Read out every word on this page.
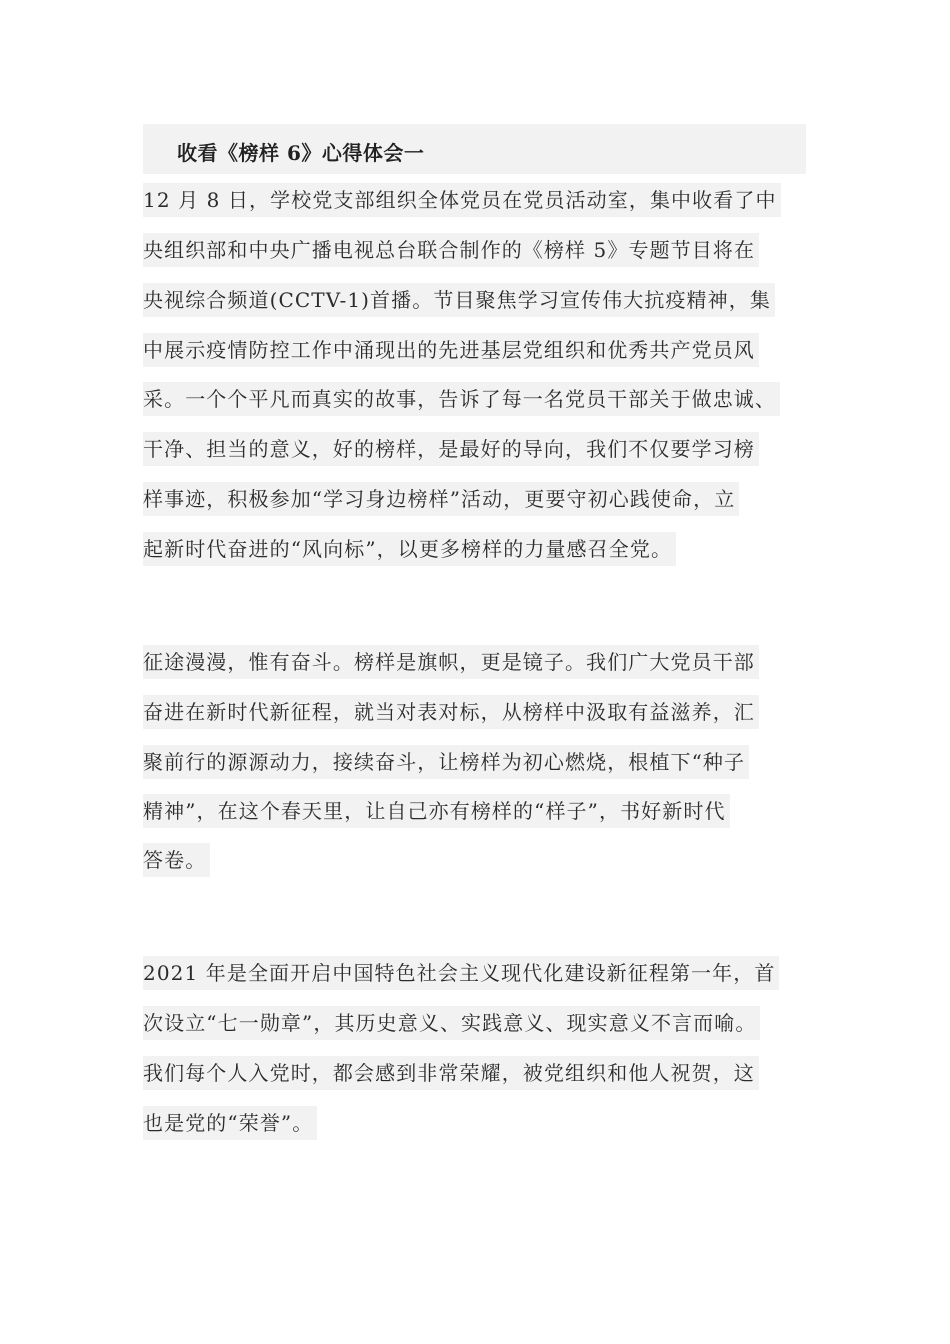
收看《榜样 6》心得体会一
12 月 8 日，学校党支部组织全体党员在党员活动室，集中收看了中
央组织部和中央广播电视总台联合制作的《榜样 5》专题节目将在
央视综合频道(CCTV-1)首播。节目聚焦学习宣传伟大抗疫精神，集
中展示疫情防控工作中涌现出的先进基层党组织和优秀共产党员风
采。一个个平凡而真实的故事，告诉了每一名党员干部关于做忠诚、
干净、担当的意义，好的榜样，是最好的导向，我们不仅要学习榜
样事迹，积极参加“学习身边榜样”活动，更要守初心践使命，立
起新时代奋进的“风向标”，以更多榜样的力量感召全党。
征途漫漫，惟有奋斗。榜样是旗帜，更是镜子。我们广大党员干部
奋进在新时代新征程，就当对表对标，从榜样中汲取有益滋养，汇
聚前行的源源动力，接续奋斗，让榜样为初心燃烧，根植下“种子
精神”，在这个春天里，让自己亦有榜样的“样子”，书好新时代
答卷。
2021 年是全面开启中国特色社会主义现代化建设新征程第一年，首
次设立“七一勋章”，其历史意义、实践意义、现实意义不言而喻。
我们每个人入党时，都会感到非常荣耀，被党组织和他人祝贺，这
也是党的“荣誉”。
